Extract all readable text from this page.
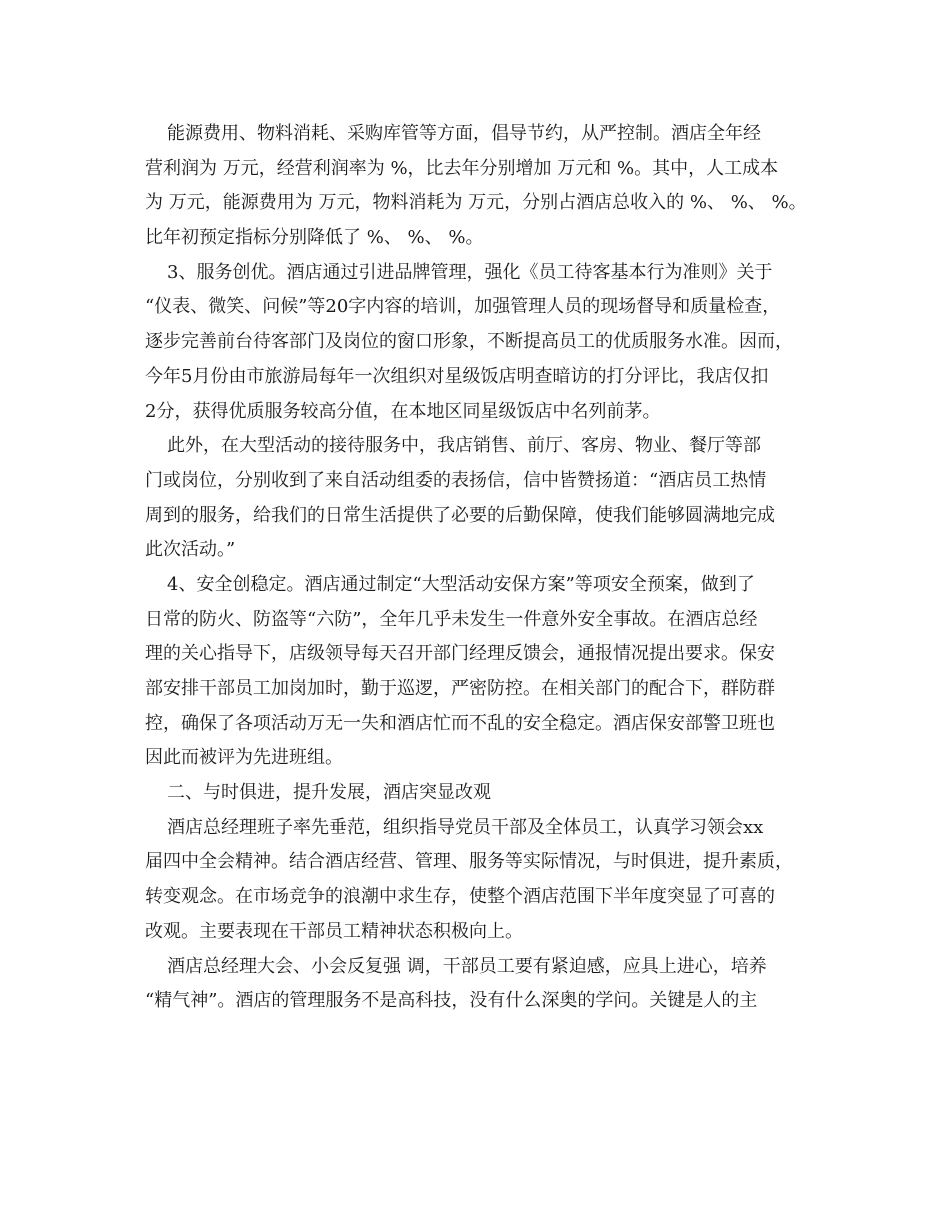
能源费用、物料消耗、采购库管等方面，倡导节约，从严控制。酒店全年经
营利润为 万元，经营利润率为 %，比去年分别增加 万元和 %。其中，人工成本
为 万元，能源费用为 万元，物料消耗为 万元，分别占酒店总收入的 %、 %、 %。
比年初预定指标分别降低了 %、 %、 %。
3、服务创优。酒店通过引进品牌管理，强化《员工待客基本行为准则》关于
“仪表、微笑、问候”等20字内容的培训，加强管理人员的现场督导和质量检查，
逐步完善前台待客部门及岗位的窗口形象，不断提高员工的优质服务水准。因而，
今年5月份由市旅游局每年一次组织对星级饭店明查暗访的打分评比，我店仅扣
2分，获得优质服务较高分值，在本地区同星级饭店中名列前茅。
此外，在大型活动的接待服务中，我店销售、前厅、客房、物业、餐厅等部
门或岗位，分别收到了来自活动组委的表扬信，信中皆赞扬道：“酒店员工热情
周到的服务，给我们的日常生活提供了必要的后勤保障，使我们能够圆满地完成
此次活动。”
4、安全创稳定。酒店通过制定“大型活动安保方案”等项安全预案，做到了
日常的防火、防盗等“六防”，全年几乎未发生一件意外安全事故。在酒店总经
理的关心指导下，店级领导每天召开部门经理反馈会，通报情况提出要求。保安
部安排干部员工加岗加时，勤于巡逻，严密防控。在相关部门的配合下，群防群
控，确保了各项活动万无一失和酒店忙而不乱的安全稳定。酒店保安部警卫班也
因此而被评为先进班组。
二、与时俱进，提升发展，酒店突显改观
酒店总经理班子率先垂范，组织指导党员干部及全体员工，认真学习领会xx
届四中全会精神。结合酒店经营、管理、服务等实际情况，与时俱进，提升素质，
转变观念。在市场竞争的浪潮中求生存，使整个酒店范围下半年度突显了可喜的
改观。主要表现在干部员工精神状态积极向上。
酒店总经理大会、小会反复强 调，干部员工要有紧迫感，应具上进心，培养
“精气神”。酒店的管理服务不是高科技，没有什么深奥的学问。关键是人的主
